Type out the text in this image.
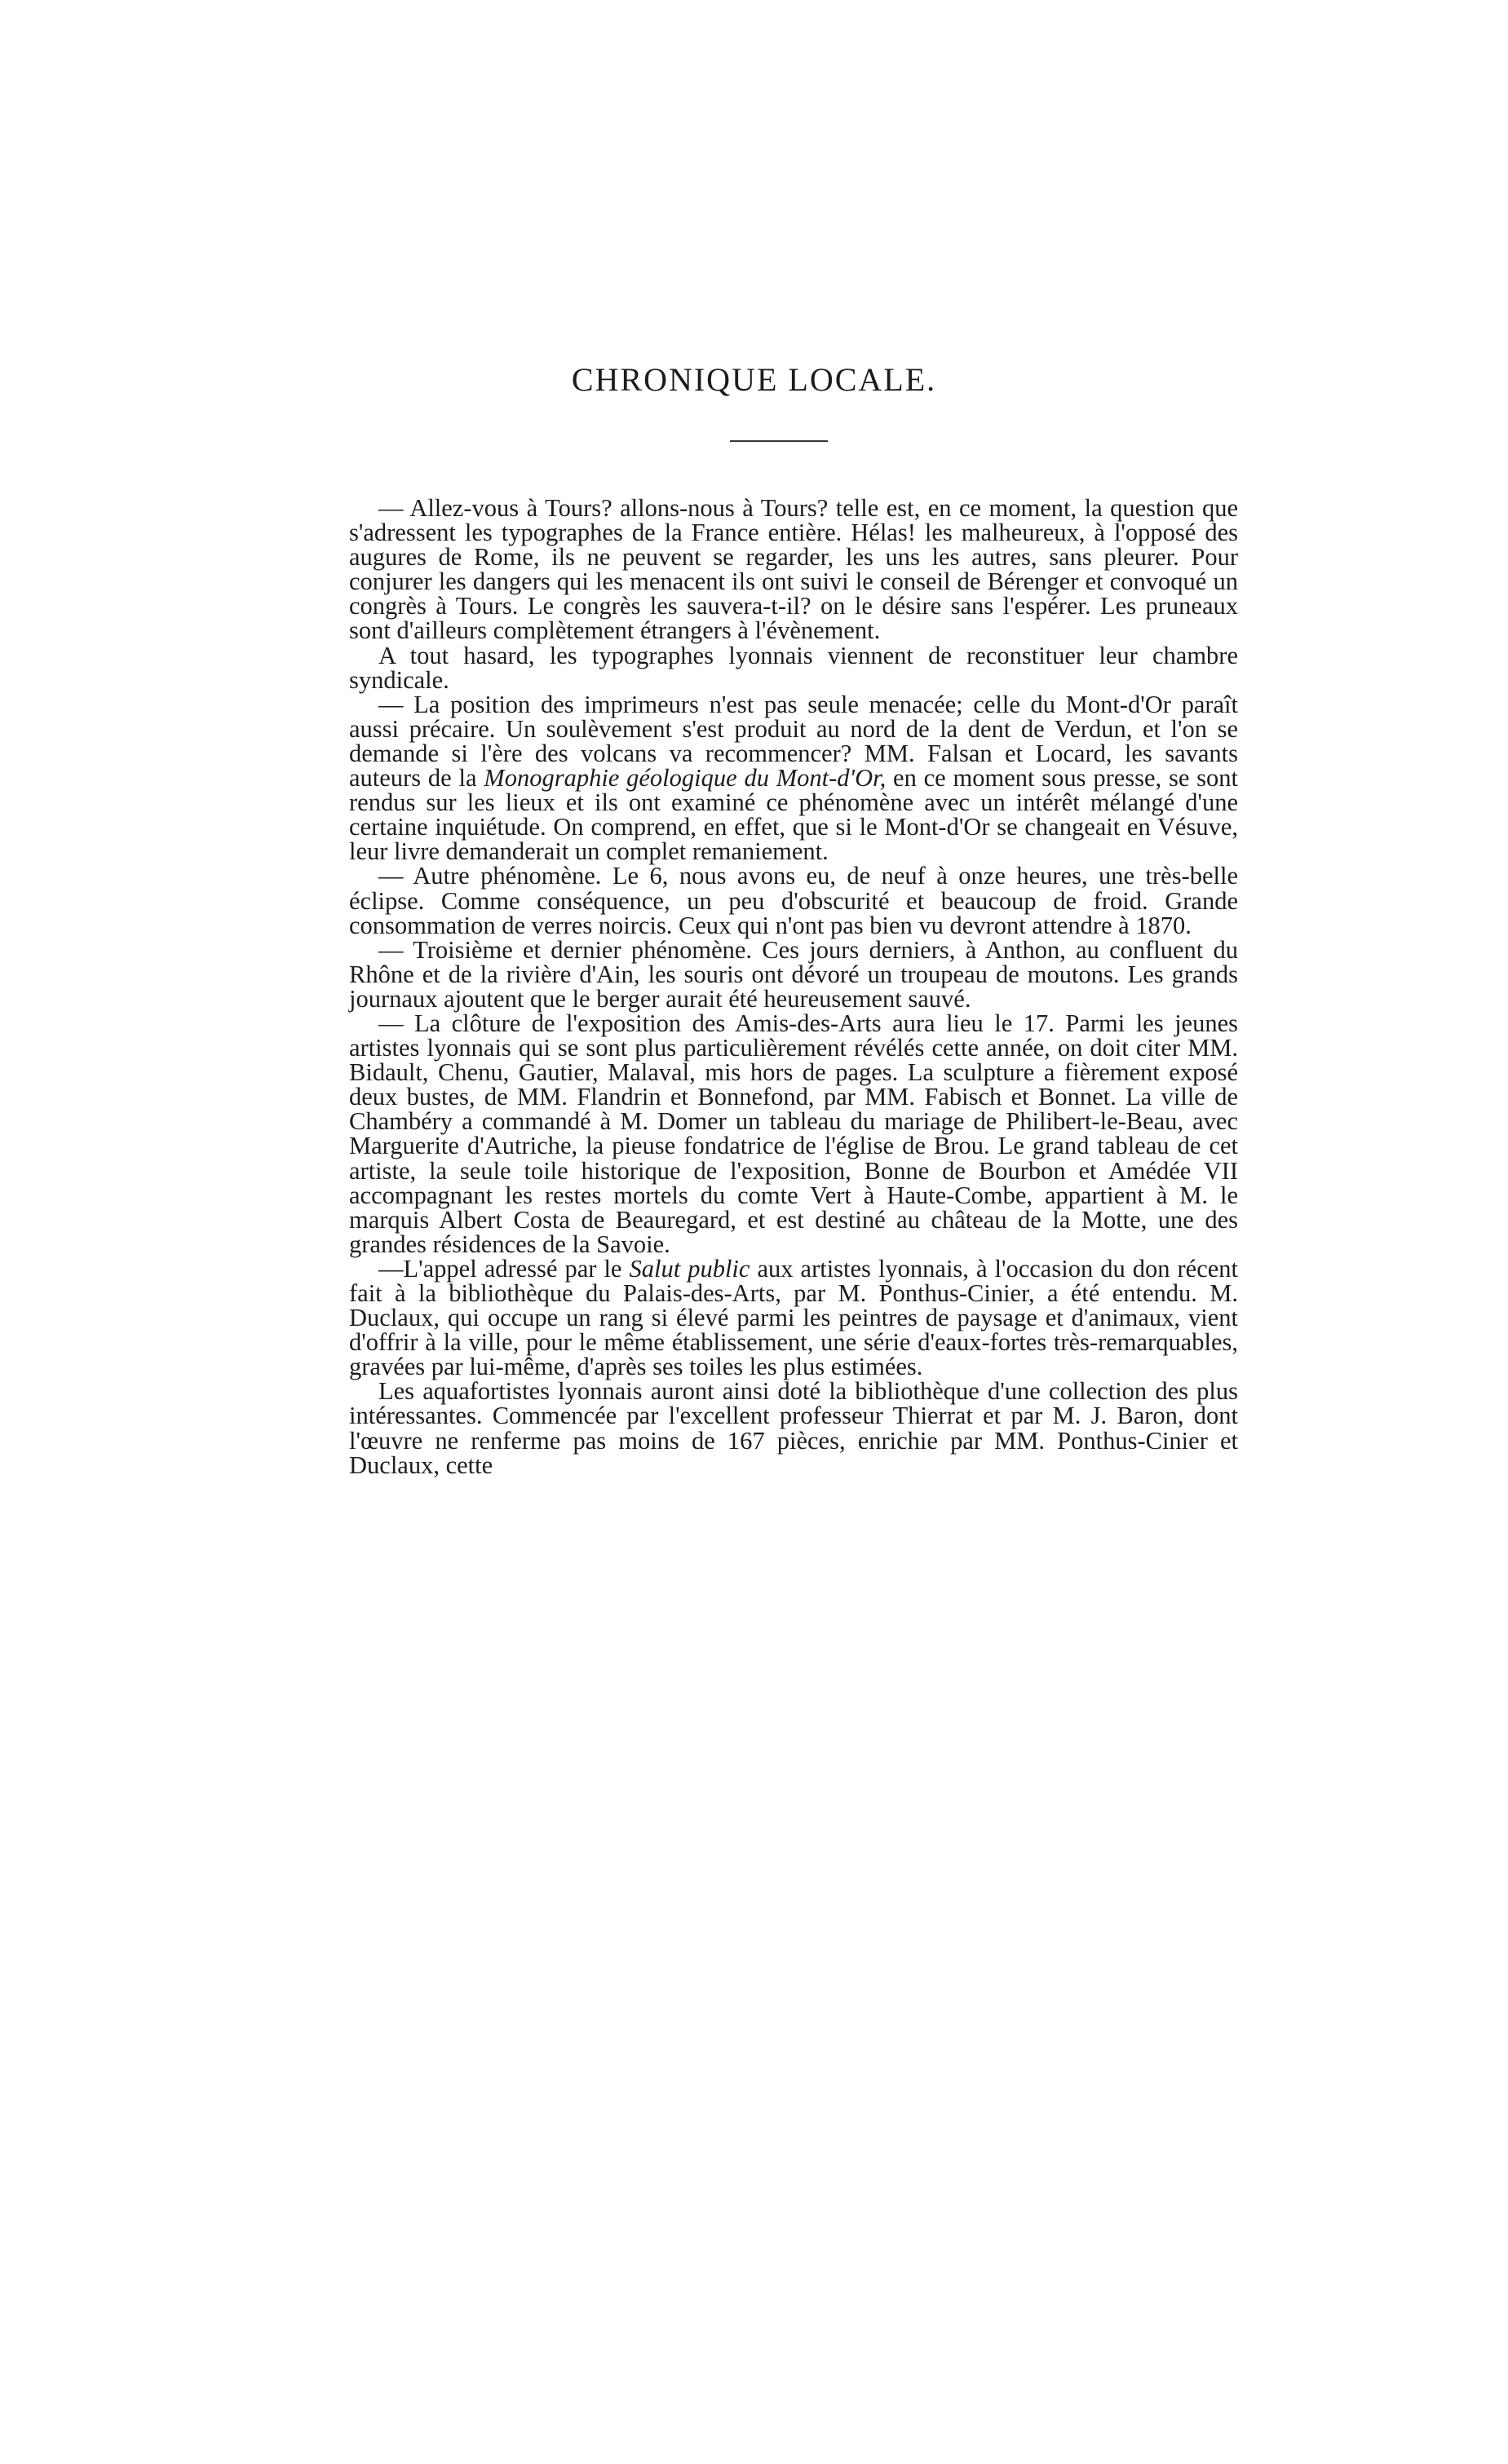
CHRONIQUE LOCALE.

— Allez-vous à Tours? allons-nous à Tours? telle est, en ce moment, la question que s'adressent les typographes de la France entière. Hélas! les malheureux, à l'opposé des augures de Rome, ils ne peuvent se regarder, les uns les autres, sans pleurer. Pour conjurer les dangers qui les menacent ils ont suivi le conseil de Bérenger et convoqué un congrès à Tours. Le congrès les sauvera-t-il? on le désire sans l'espérer. Les pruneaux sont d'ailleurs complètement étrangers à l'évènement.

A tout hasard, les typographes lyonnais viennent de reconstituer leur chambre syndicale.

— La position des imprimeurs n'est pas seule menacée; celle du Mont-d'Or paraît aussi précaire. Un soulèvement s'est produit au nord de la dent de Verdun, et l'on se demande si l'ère des volcans va recommencer? MM. Falsan et Locard, les savants auteurs de la Monographie géologique du Mont-d'Or, en ce moment sous presse, se sont rendus sur les lieux et ils ont examiné ce phénomène avec un intérêt mélangé d'une certaine inquiétude. On comprend, en effet, que si le Mont-d'Or se changeait en Vésuve, leur livre demanderait un complet remaniement.

— Autre phénomène. Le 6, nous avons eu, de neuf à onze heures, une très-belle éclipse. Comme conséquence, un peu d'obscurité et beaucoup de froid. Grande consommation de verres noircis. Ceux qui n'ont pas bien vu devront attendre à 1870.

— Troisième et dernier phénomène. Ces jours derniers, à Anthon, au confluent du Rhône et de la rivière d'Ain, les souris ont dévoré un troupeau de moutons. Les grands journaux ajoutent que le berger aurait été heureusement sauvé.

— La clôture de l'exposition des Amis-des-Arts aura lieu le 17. Parmi les jeunes artistes lyonnais qui se sont plus particulièrement révélés cette année, on doit citer MM. Bidault, Chenu, Gautier, Malaval, mis hors de pages. La sculpture a fièrement exposé deux bustes, de MM. Flandrin et Bonnefond, par MM. Fabisch et Bonnet. La ville de Chambéry a commandé à M. Domer un tableau du mariage de Philibert-le-Beau, avec Marguerite d'Autriche, la pieuse fondatrice de l'église de Brou. Le grand tableau de cet artiste, la seule toile historique de l'exposition, Bonne de Bourbon et Amédée VII accompagnant les restes mortels du comte Vert à Haute-Combe, appartient à M. le marquis Albert Costa de Beauregard, et est destiné au château de la Motte, une des grandes résidences de la Savoie.

—L'appel adressé par le Salut public aux artistes lyonnais, à l'occasion du don récent fait à la bibliothèque du Palais-des-Arts, par M. Ponthus-Cinier, a été entendu. M. Duclaux, qui occupe un rang si élevé parmi les peintres de paysage et d'animaux, vient d'offrir à la ville, pour le même établissement, une série d'eaux-fortes très-remarquables, gravées par lui-même, d'après ses toiles les plus estimées.

Les aquafortistes lyonnais auront ainsi doté la bibliothèque d'une collection des plus intéressantes. Commencée par l'excellent professeur Thierrat et par M. J. Baron, dont l'œuvre ne renferme pas moins de 167 pièces, enrichie par MM. Ponthus-Cinier et Duclaux, cette
